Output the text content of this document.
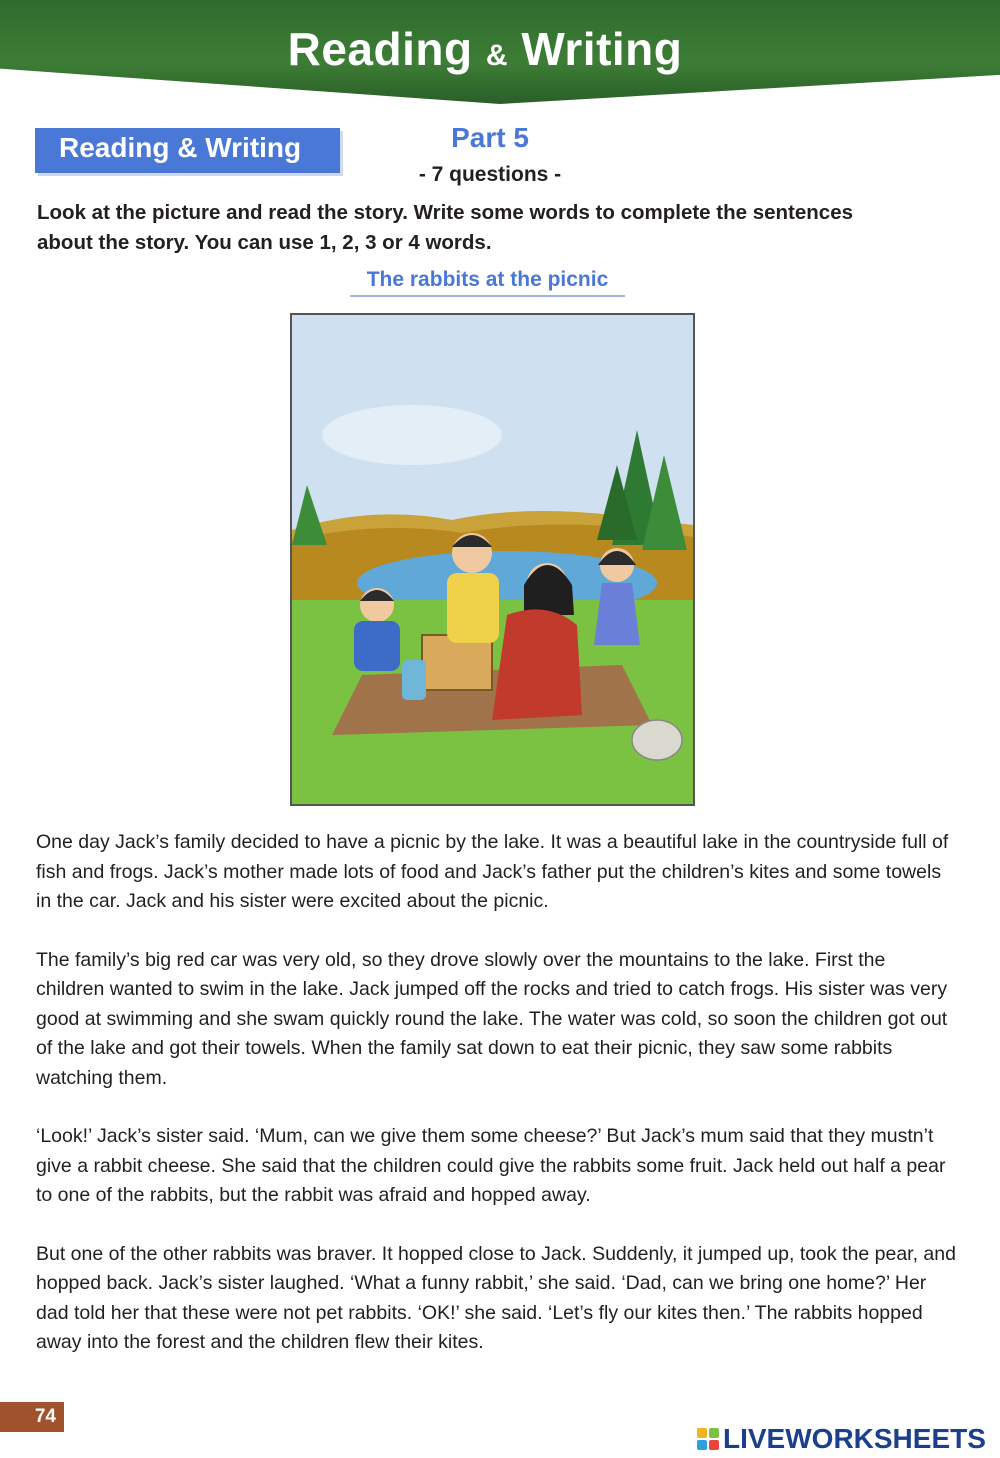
Reading & Writing
Reading & Writing	Part 5
- 7 questions -
Look at the picture and read the story. Write some words to complete the sentences about the story. You can use 1, 2, 3 or 4 words.
The rabbits at the picnic

One day Jack’s family decided to have a picnic by the lake. It was a beautiful lake in the countryside full of fish and frogs. Jack’s mother made lots of food and Jack’s father put the children’s kites and some towels in the car. Jack and his sister were excited about the picnic.

The family’s big red car was very old, so they drove slowly over the mountains to the lake. First the children wanted to swim in the lake. Jack jumped off the rocks and tried to catch frogs. His sister was very good at swimming and she swam quickly round the lake. The water was cold, so soon the children got out of the lake and got their towels. When the family sat down to eat their picnic, they saw some rabbits watching them.

‘Look!’ Jack’s sister said. ‘Mum, can we give them some cheese?’ But Jack’s mum said that they mustn’t give a rabbit cheese. She said that the children could give the rabbits some fruit. Jack held out half a pear to one of the rabbits, but the rabbit was afraid and hopped away.

But one of the other rabbits was braver. It hopped close to Jack. Suddenly, it jumped up, took the pear, and hopped back. Jack’s sister laughed. ‘What a funny rabbit,’ she said. ‘Dad, can we bring one home?’ Her dad told her that these were not pet rabbits. ‘OK!’ she said. ‘Let’s fly our kites then.’ The rabbits hopped away into the forest and the children flew their kites.

74
LIVEWORKSHEETS
